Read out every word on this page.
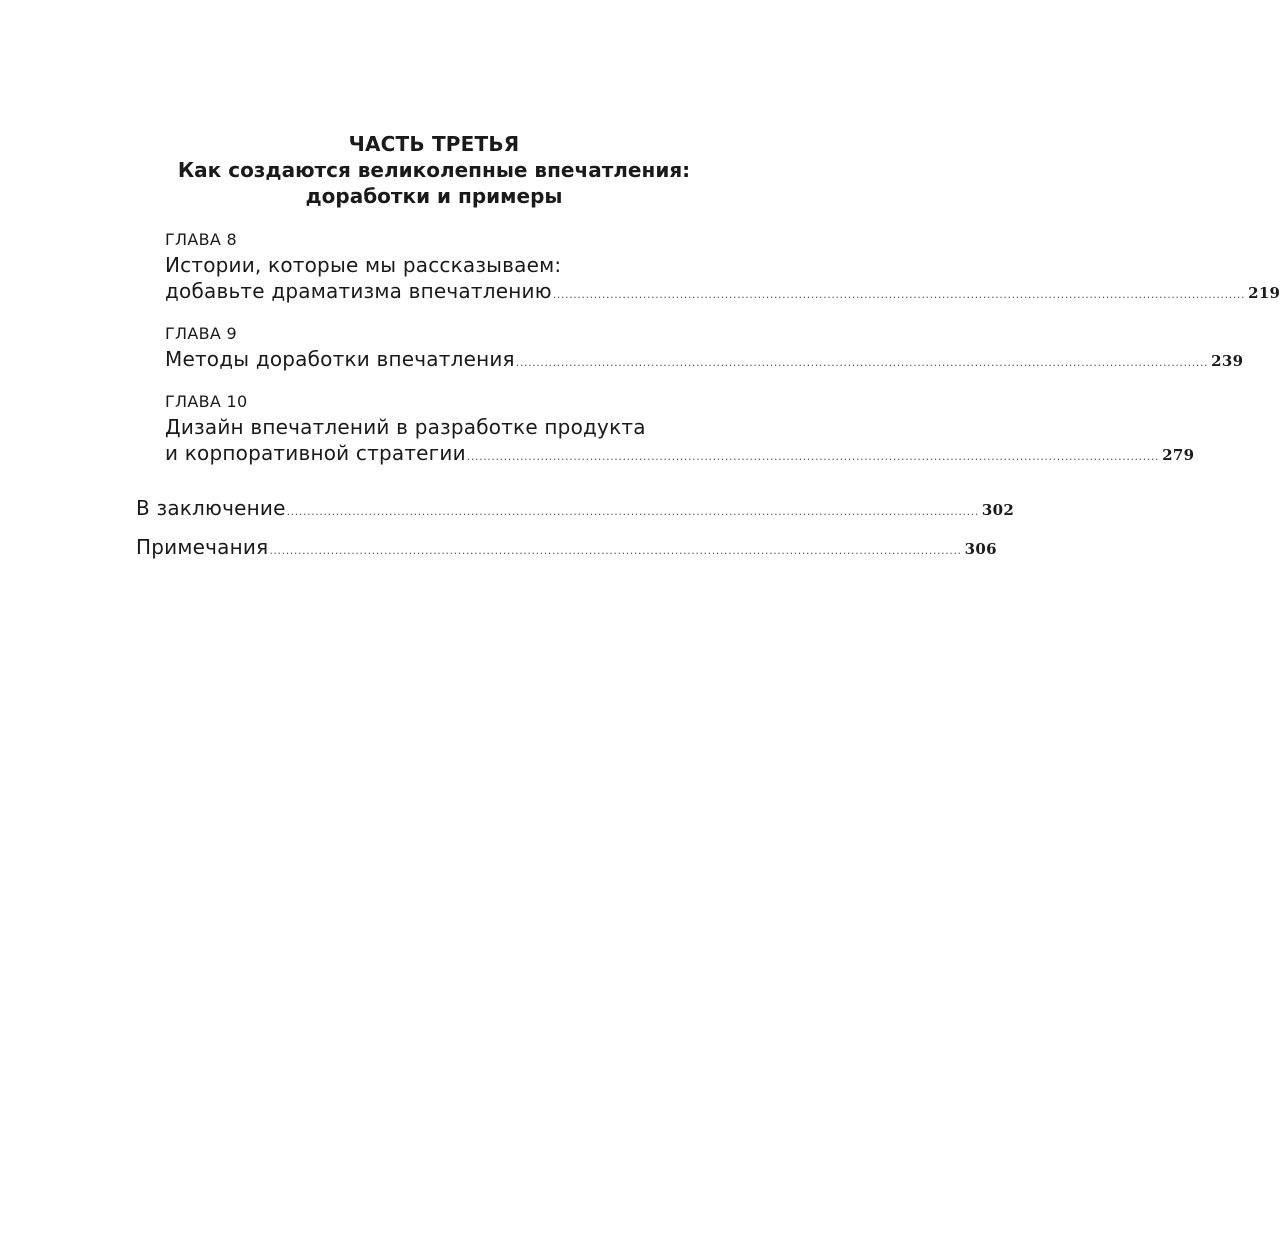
ЧАСТЬ ТРЕТЬЯ
Как создаются великолепные впечатления:
доработки и примеры
ГЛАВА 8
Истории, которые мы рассказываем:
добавьте драматизма впечатлению ......................................................................................................................................................................... 219
ГЛАВА 9
Методы доработки впечатления ......................................................................................................................................................................... 239
ГЛАВА 10
Дизайн впечатлений в разработке продукта
и корпоративной стратегии ......................................................................................................................................................................... 279
В заключение ......................................................................................................................................................................... 302
Примечания ......................................................................................................................................................................... 306
